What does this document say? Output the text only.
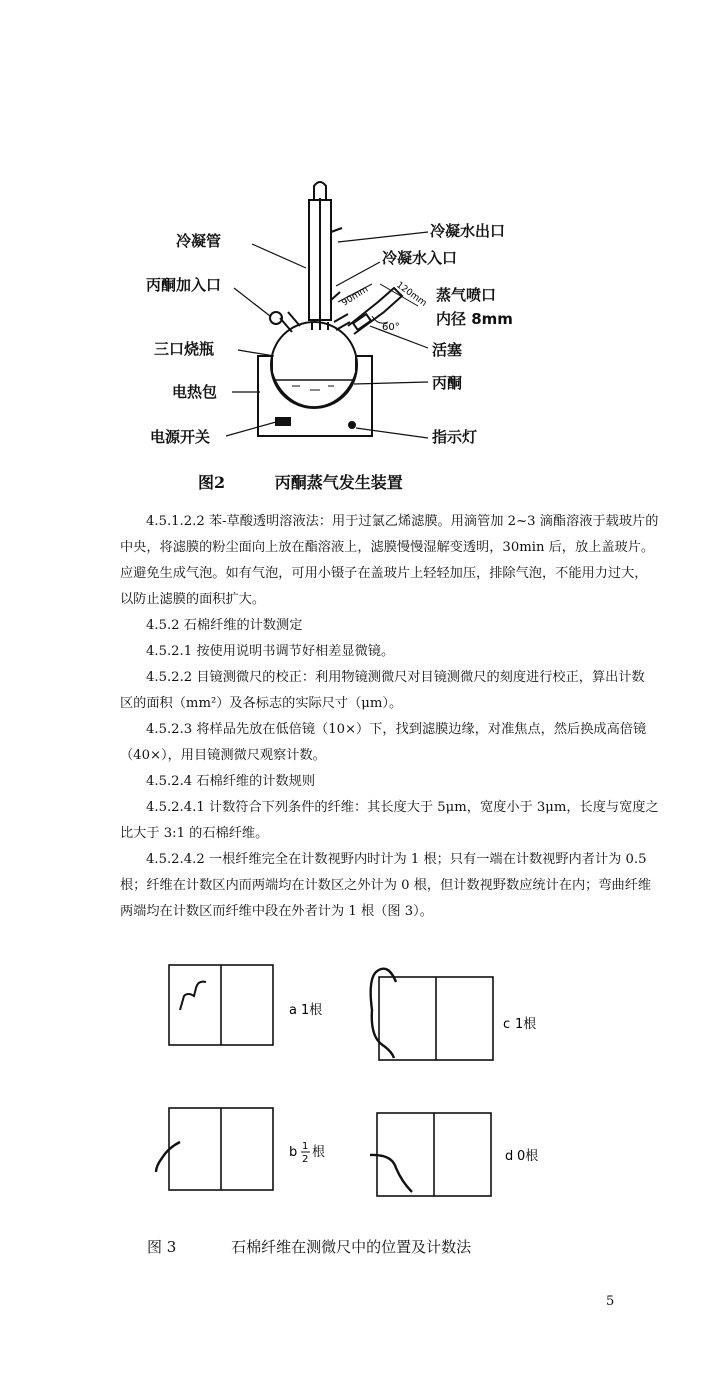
90mm	120mm
60°
冷凝管
冷凝水出口
冷凝水入口
丙酮加入口
蒸气喷口
内径 8mm
三口烧瓶	活塞
电热包	丙酮
电源开关	指示灯
图2	丙酮蒸气发生装置
4.5.1.2.2 苯-草酸透明溶液法：用于过氯乙烯滤膜。用滴管加 2~3 滴酯溶液于载玻片的
中央，将滤膜的粉尘面向上放在酯溶液上，滤膜慢慢湿解变透明，30min 后，放上盖玻片。
应避免生成气泡。如有气泡，可用小镊子在盖玻片上轻轻加压，排除气泡，不能用力过大，
以防止滤膜的面积扩大。
4.5.2 石棉纤维的计数测定
4.5.2.1 按使用说明书调节好相差显微镜。
4.5.2.2 目镜测微尺的校正：利用物镜测微尺对目镜测微尺的刻度进行校正，算出计数
区的面积（mm²）及各标志的实际尺寸（μm）。
4.5.2.3 将样品先放在低倍镜（10×）下，找到滤膜边缘，对准焦点，然后换成高倍镜
（40×），用目镜测微尺观察计数。
4.5.2.4 石棉纤维的计数规则
4.5.2.4.1 计数符合下列条件的纤维：其长度大于 5μm，宽度小于 3μm，长度与宽度之
比大于 3:1 的石棉纤维。
4.5.2.4.2 一根纤维完全在计数视野内时计为 1 根；只有一端在计数视野内者计为 0.5
根；纤维在计数区内而两端均在计数区之外计为 0 根，但计数视野数应统计在内；弯曲纤维
两端均在计数区而纤维中段在外者计为 1 根（图 3）。
a 1根
c 1根
b 1
2 根	d 0根
图 3	石棉纤维在测微尺中的位置及计数法
5
